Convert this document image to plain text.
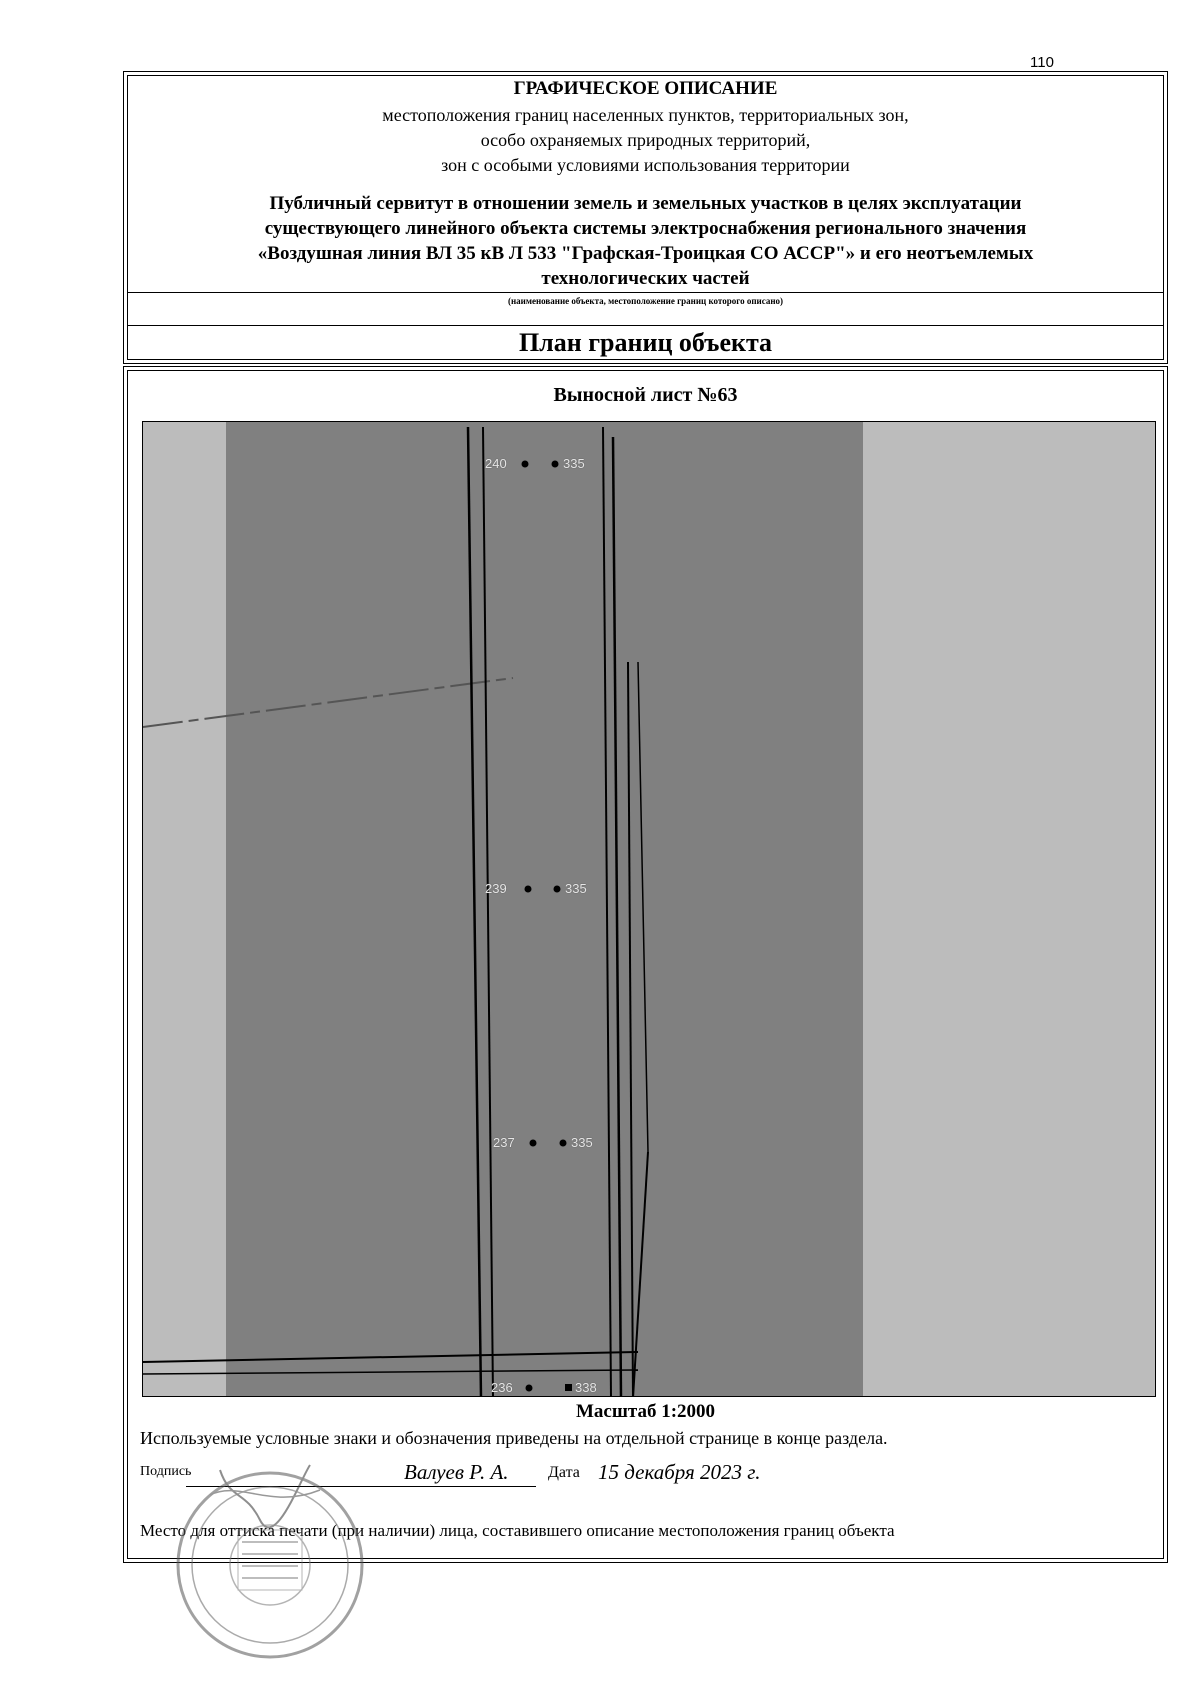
110
ГРАФИЧЕСКОЕ ОПИСАНИЕ
местоположения границ населенных пунктов, территориальных зон,
особо охраняемых природных территорий,
зон с особыми условиями использования территории
Публичный сервитут в отношении земель и земельных участков в целях эксплуатации
существующего линейного объекта системы электроснабжения регионального значения
«Воздушная линия ВЛ 35 кВ Л 533 "Графская-Троицкая СО АССР"» и его неотъемлемых
технологических частей
(наименование объекта, местоположение границ которого описано)
План границ объекта
Выносной лист №63
240	335
239	335
237	335
236	338
Масштаб 1:2000
Используемые условные знаки и обозначения приведены на отдельной странице в конце раздела.
Подпись	Валуев Р. А. Дата 15 декабря 2023 г.
Место для оттиска печати (при наличии) лица, составившего описание местоположения границ объекта
